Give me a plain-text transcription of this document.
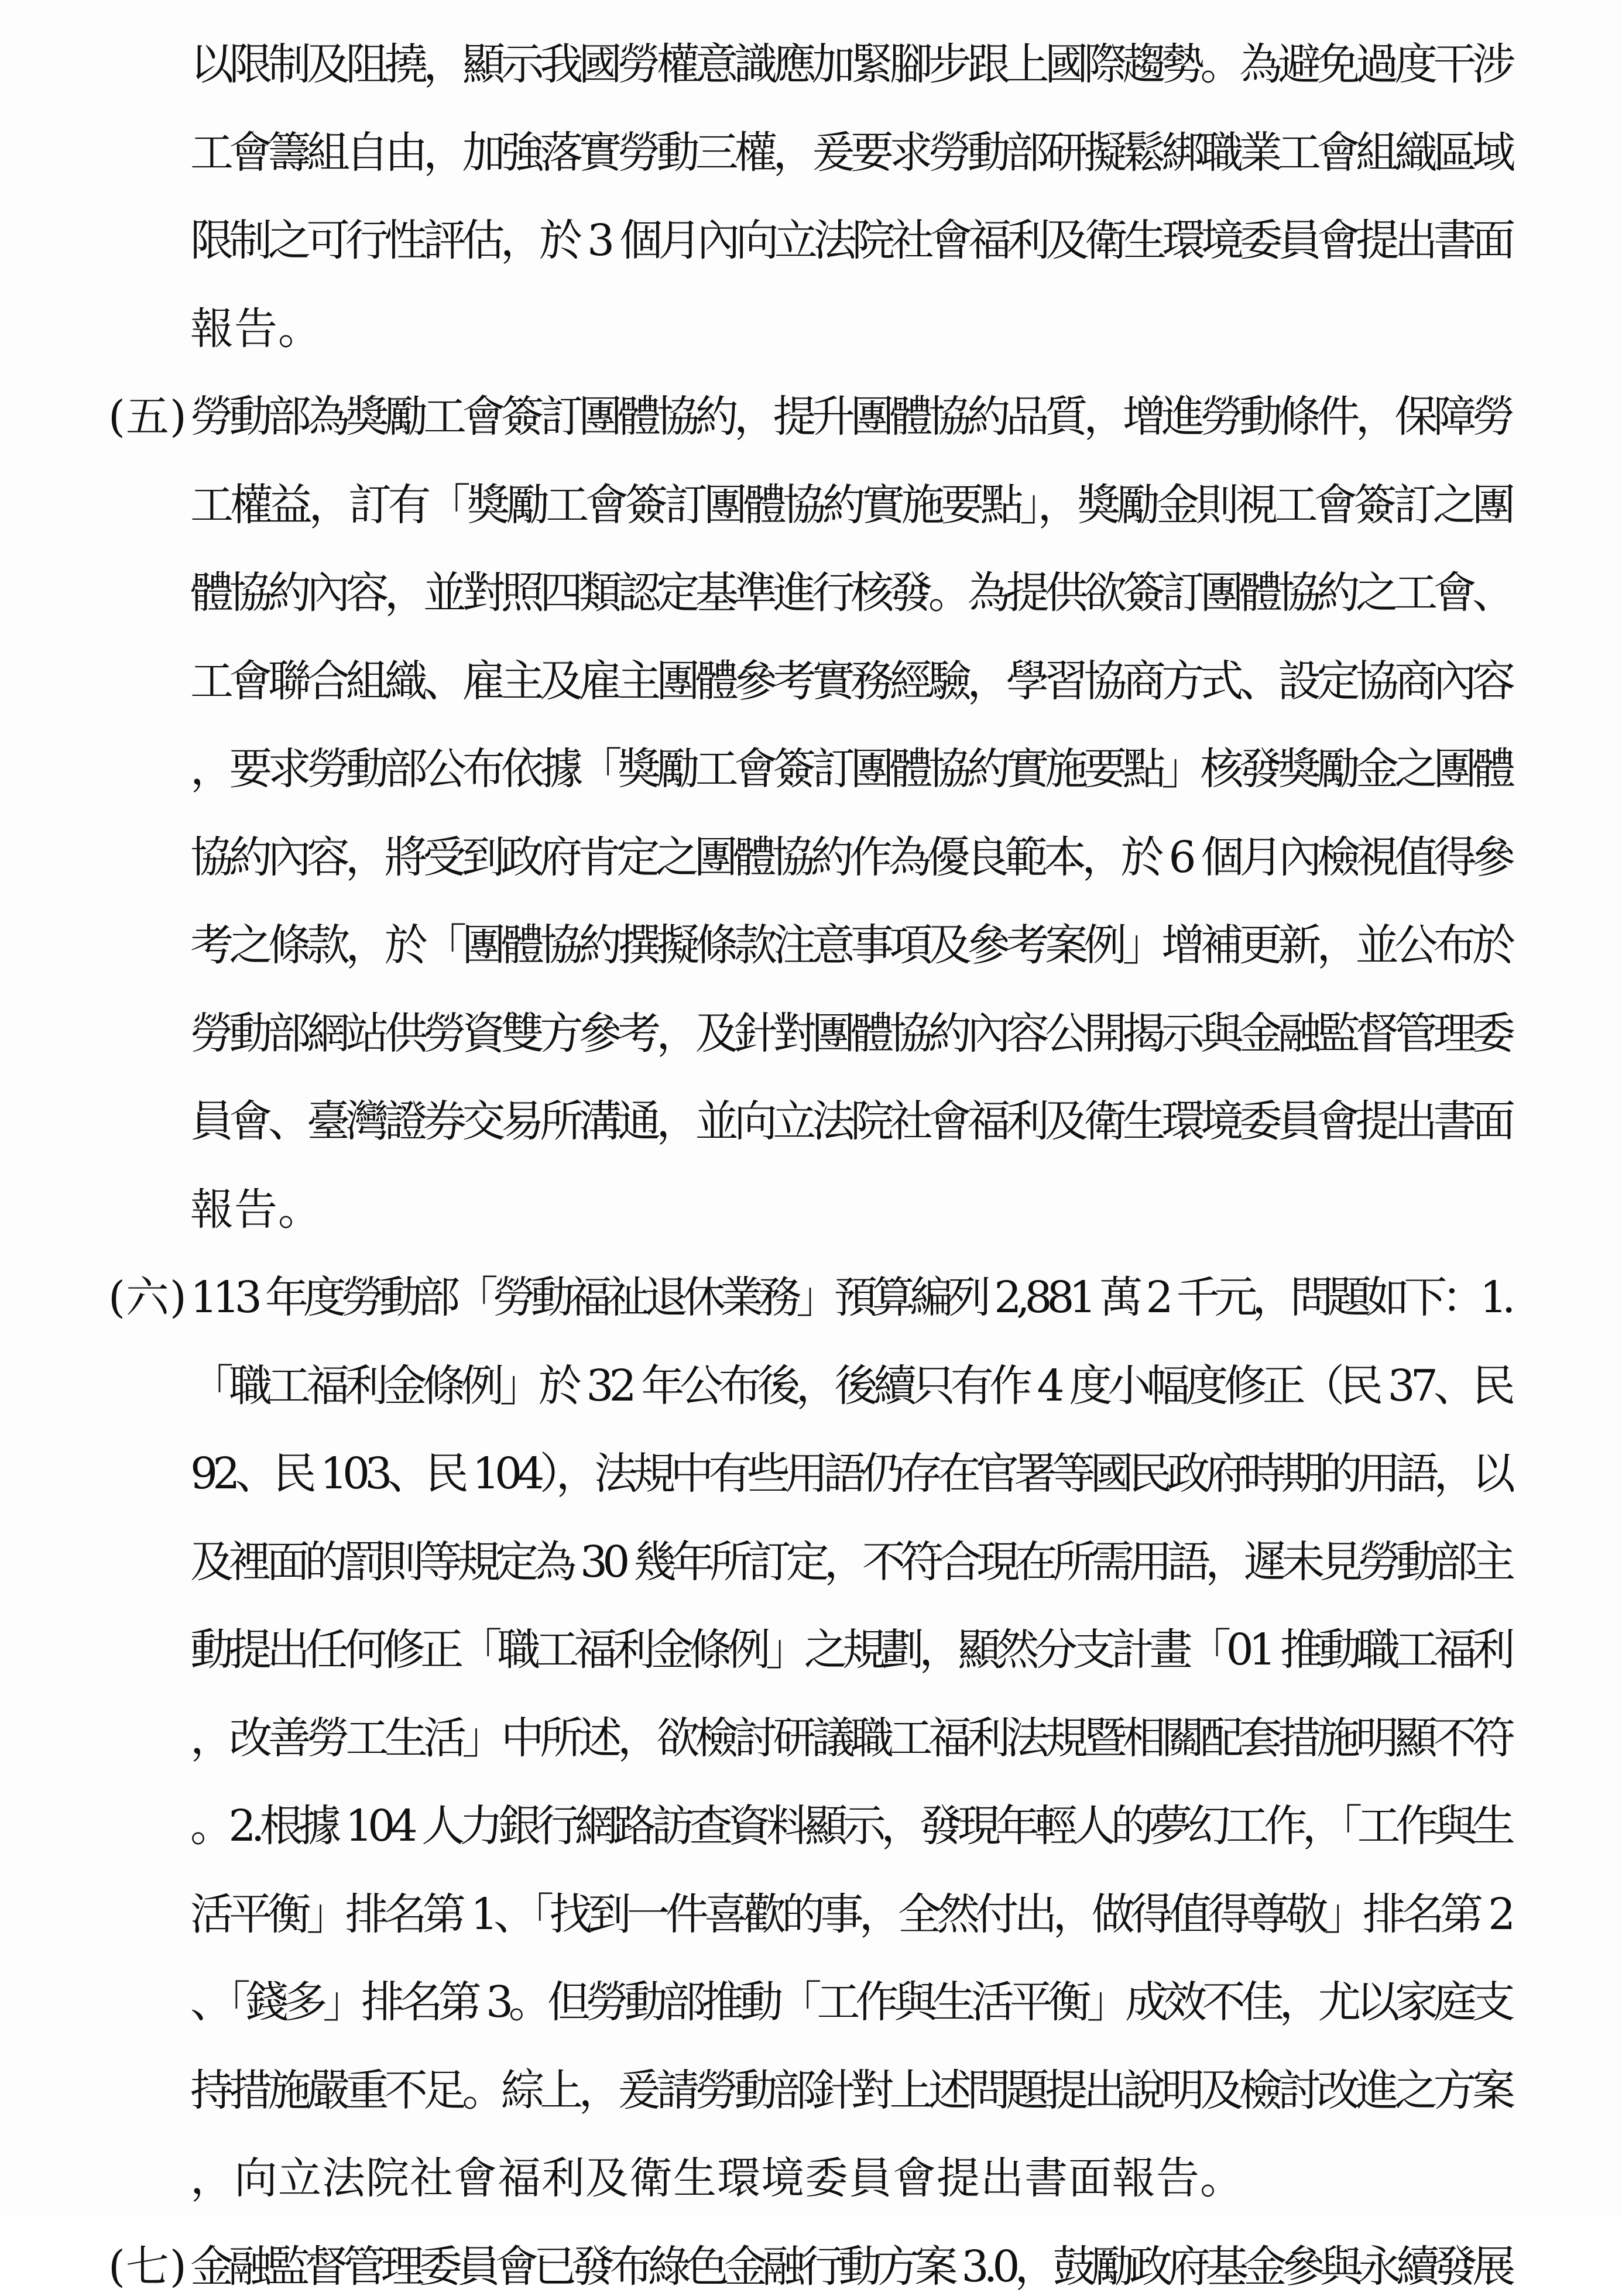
以限制及阻撓，顯示我國勞權意識應加緊腳步跟上國際趨勢。為避免過度干涉
工會籌組自由，加強落實勞動三權，爰要求勞動部研擬鬆綁職業工會組織區域
限制之可行性評估，於 3 個月內向立法院社會福利及衛生環境委員會提出書面
報告。
(五) 勞動部為獎勵工會簽訂團體協約，提升團體協約品質，增進勞動條件，保障勞
工權益，訂有「獎勵工會簽訂團體協約實施要點」，獎勵金則視工會簽訂之團
體協約內容，並對照四類認定基準進行核發。為提供欲簽訂團體協約之工會、
工會聯合組織、雇主及雇主團體參考實務經驗，學習協商方式、設定協商內容
，要求勞動部公布依據「獎勵工會簽訂團體協約實施要點」核發獎勵金之團體
協約內容，將受到政府肯定之團體協約作為優良範本，於 6 個月內檢視值得參
考之條款，於「團體協約撰擬條款注意事項及參考案例」增補更新，並公布於
勞動部網站供勞資雙方參考，及針對團體協約內容公開揭示與金融監督管理委
員會、臺灣證券交易所溝通，並向立法院社會福利及衛生環境委員會提出書面
報告。
(六) 113 年度勞動部「勞動福祉退休業務」預算編列 2,881 萬 2 千元，問題如下：1.
「職工福利金條例」於 32 年公布後，後續只有作 4 度小幅度修正（民 37、民
92、民 103、民 104），法規中有些用語仍存在官署等國民政府時期的用語，以
及裡面的罰則等規定為 30 幾年所訂定，不符合現在所需用語，遲未見勞動部主
動提出任何修正「職工福利金條例」之規劃，顯然分支計畫「01 推動職工福利
，改善勞工生活」中所述，欲檢討研議職工福利法規暨相關配套措施明顯不符
。2.根據 104 人力銀行網路訪查資料顯示，發現年輕人的夢幻工作，「工作與生
活平衡」排名第 1、「找到一件喜歡的事，全然付出，做得值得尊敬」排名第 2
、「錢多」排名第 3。但勞動部推動「工作與生活平衡」成效不佳，尤以家庭支
持措施嚴重不足。綜上，爰請勞動部針對上述問題提出說明及檢討改進之方案
，向立法院社會福利及衛生環境委員會提出書面報告。
(七) 金融監督管理委員會已發布綠色金融行動方案 3.0，鼓勵政府基金參與永續發展
